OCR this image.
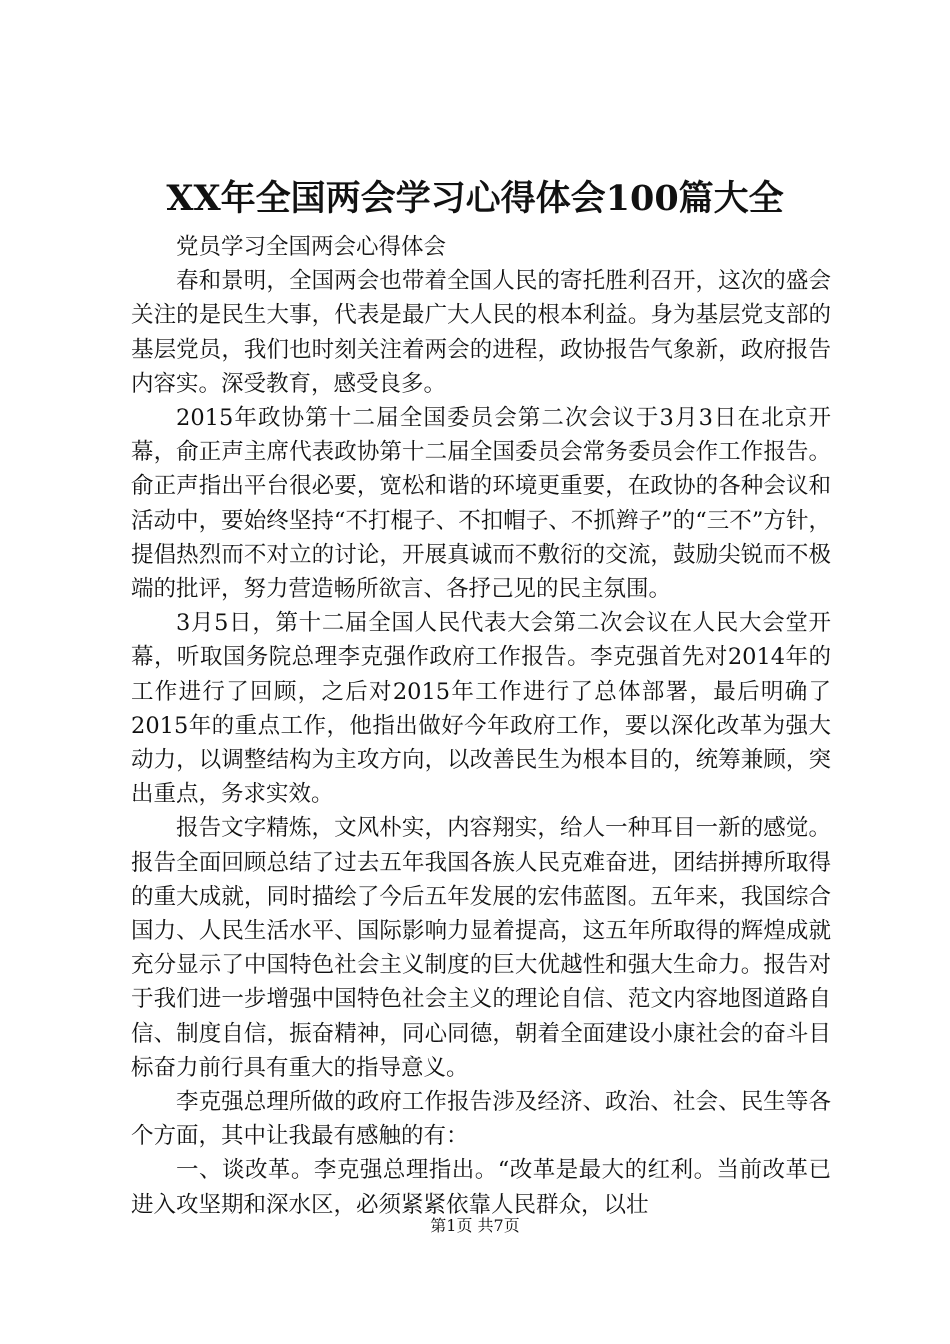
XX年全国两会学习心得体会100篇大全

党员学习全国两会心得体会

春和景明，全国两会也带着全国人民的寄托胜利召开，这次的盛会关注的是民生大事，代表是最广大人民的根本利益。身为基层党支部的基层党员，我们也时刻关注着两会的进程，政协报告气象新，政府报告内容实。深受教育，感受良多。

2015年政协第十二届全国委员会第二次会议于3月3日在北京开幕，俞正声主席代表政协第十二届全国委员会常务委员会作工作报告。俞正声指出平台很必要，宽松和谐的环境更重要，在政协的各种会议和活动中，要始终坚持“不打棍子、不扣帽子、不抓辫子”的“三不”方针，提倡热烈而不对立的讨论，开展真诚而不敷衍的交流，鼓励尖锐而不极端的批评，努力营造畅所欲言、各抒己见的民主氛围。

3月5日，第十二届全国人民代表大会第二次会议在人民大会堂开幕，听取国务院总理李克强作政府工作报告。李克强首先对2014年的工作进行了回顾，之后对2015年工作进行了总体部署，最后明确了2015年的重点工作，他指出做好今年政府工作，要以深化改革为强大动力，以调整结构为主攻方向，以改善民生为根本目的，统筹兼顾，突出重点，务求实效。

报告文字精炼，文风朴实，内容翔实，给人一种耳目一新的感觉。报告全面回顾总结了过去五年我国各族人民克难奋进，团结拼搏所取得的重大成就，同时描绘了今后五年发展的宏伟蓝图。五年来，我国综合国力、人民生活水平、国际影响力显着提高，这五年所取得的辉煌成就充分显示了中国特色社会主义制度的巨大优越性和强大生命力。报告对于我们进一步增强中国特色社会主义的理论自信、范文内容地图道路自信、制度自信，振奋精神，同心同德，朝着全面建设小康社会的奋斗目标奋力前行具有重大的指导意义。

李克强总理所做的政府工作报告涉及经济、政治、社会、民生等各个方面，其中让我最有感触的有：

一、谈改革。李克强总理指出。“改革是最大的红利。当前改革已进入攻坚期和深水区，必须紧紧依靠人民群众，以壮

第1页 共7页
